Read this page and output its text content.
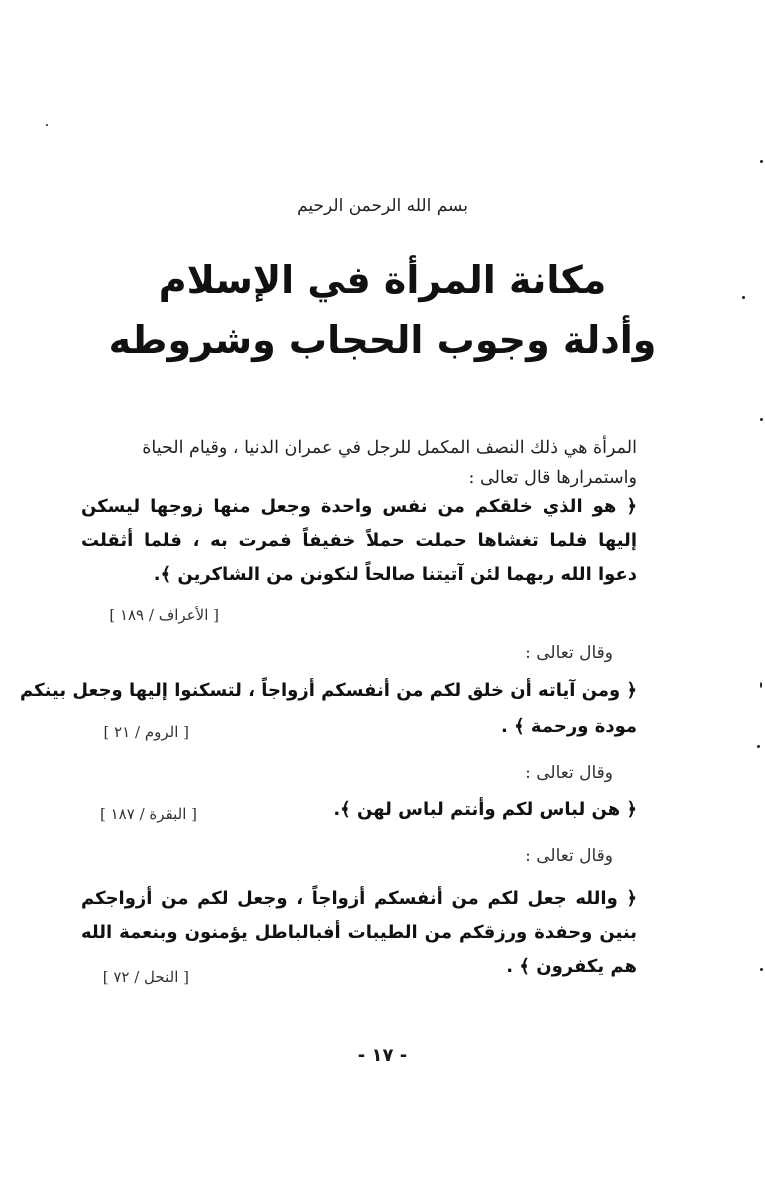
بسم الله الرحمن الرحيم
مكانة المرأة في الإسلام
وأدلة وجوب الحجاب وشروطه
المرأة هي ذلك النصف المكمل للرجل في عمران الدنيا ، وقيام الحياة واستمرارها قال تعالى :
﴿ هو الذي خلقكم من نفس واحدة وجعل منها زوجها ليسكن إليها فلما تغشاها حملت حملاً خفيفاً فمرت به ، فلما أثقلت دعوا الله ربهما لئن آتيتنا صالحاً لنكونن من الشاكرين ﴾.
[ الأعراف / ١٨٩ ]
وقال تعالى :
﴿ ومن آياته أن خلق لكم من أنفسكم أزواجاً ، لتسكنوا إليها وجعل بينكم
مودة ورحمة ﴾ .
[ الروم / ٢١ ]
وقال تعالى :
﴿ هن لباس لكم وأنتم لباس لهن ﴾.
[ البقرة / ١٨٧ ]
وقال تعالى :
﴿ والله جعل لكم من أنفسكم أزواجاً ، وجعل لكم من أزواجكم بنين وحفدة ورزقكم من الطيبات أفبالباطل يؤمنون وبنعمة الله هم يكفرون ﴾ .
[ النحل / ٧٢ ]
- ١٧ -
